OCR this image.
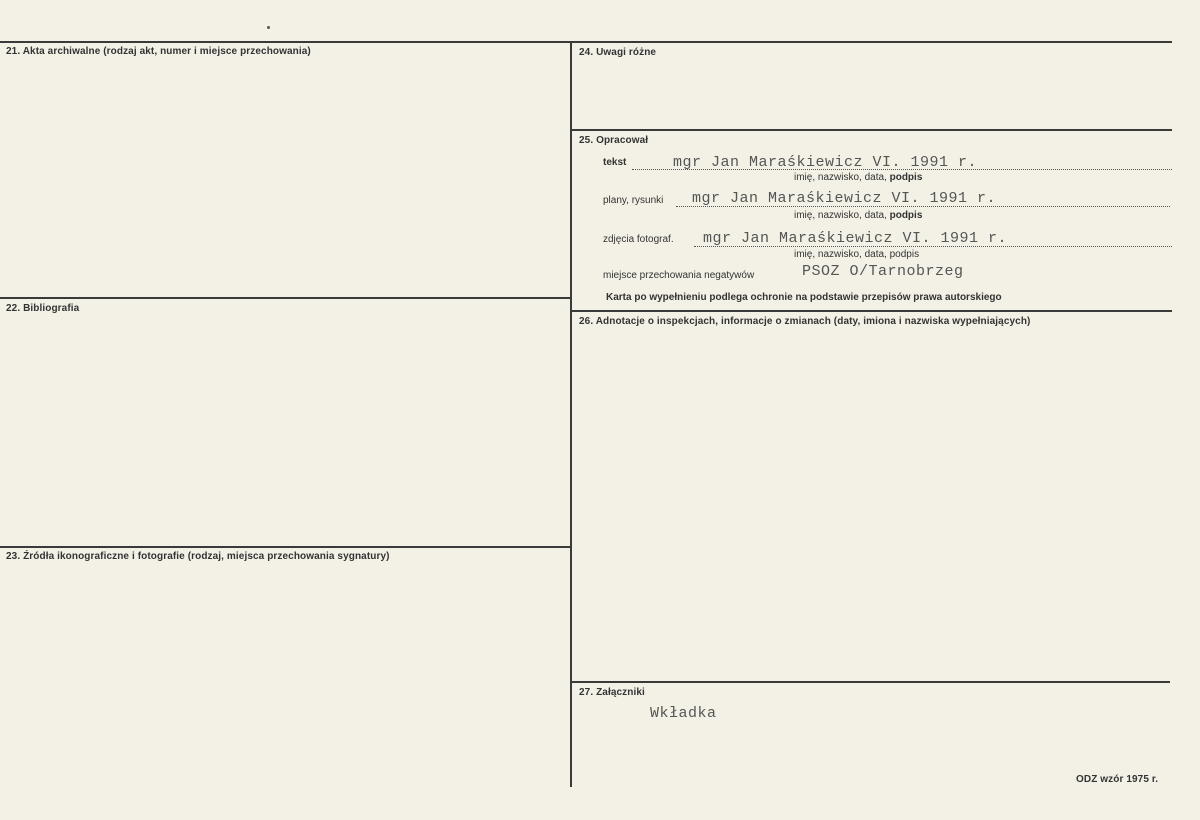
21. Akta archiwalne (rodzaj akt, numer i miejsce przechowania)
22. Bibliografia
23. Źródła ikonograficzne i fotografie (rodzaj, miejsca przechowania sygnatury)
24. Uwagi różne
25. Opracował
tekst	mgr Jan Maraśkiewicz VI. 1991 r.
imię, nazwisko, data, podpis
plany, rysunki mgr Jan Maraśkiewicz VI. 1991 r.
imię, nazwisko, data, podpis
zdjęcia fotograf. mgr Jan Maraśkiewicz VI. 1991 r.
imię, nazwisko, data, podpis
miejsce przechowania negatywów	PSOZ O/Tarnobrzeg
Karta po wypełnieniu podlega ochronie na podstawie przepisów prawa autorskiego
26. Adnotacje o inspekcjach, informacje o zmianach (daty, imiona i nazwiska wypełniających)
27. Załączniki
Wkładka
ODZ wzór 1975 r.
